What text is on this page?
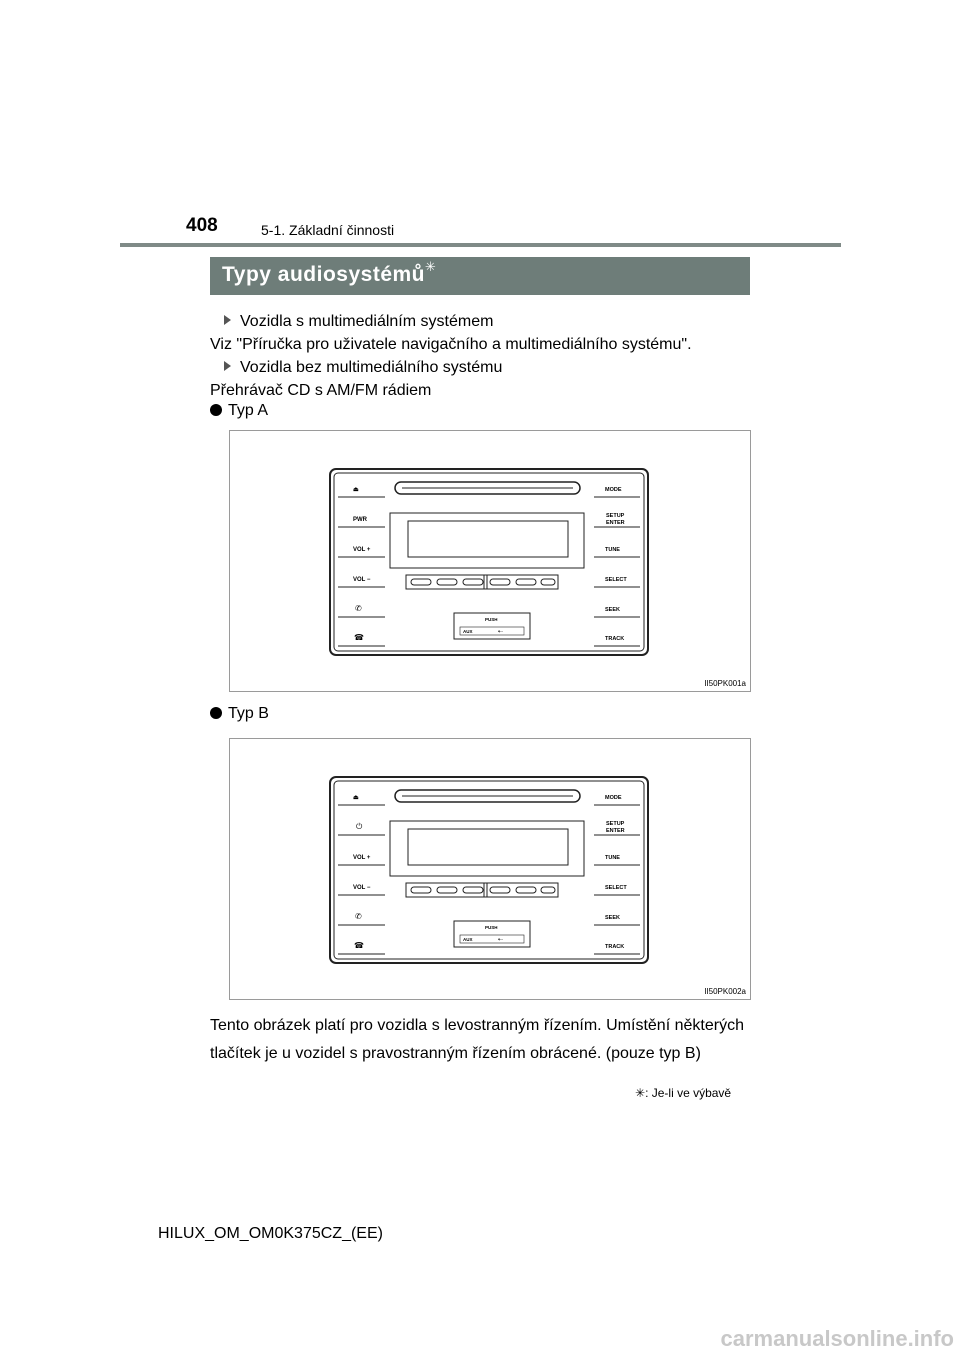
408	5-1. Základní činnosti
Typy audiosystémů✳
Vozidla s multimediálním systémem
Viz "Příručka pro uživatele navigačního a multimediálního systému".
Vozidla bez multimediálního systému
Přehrávač CD s AM/FM rádiem
Typ A
PUSH
AUX	⇠
⏏
PWR
VOL +
VOL −
✆
☎
MODE
SETUP
ENTER
TUNE
SELECT
SEEK
TRACK
II50PK001a
Typ B
PUSH
AUX	⇠
⏏
VOL +
VOL −
✆
☎
⏻
MODE
SETUP
ENTER
TUNE
SELECT
SEEK
TRACK
II50PK002a
Tento obrázek platí pro vozidla s levostranným řízením. Umístění některých tlačítek je u vozidel s pravostranným řízením obrácené. (pouze typ B)
✳: Je-li ve výbavě
HILUX_OM_OM0K375CZ_(EE)
carmanualsonline.info
